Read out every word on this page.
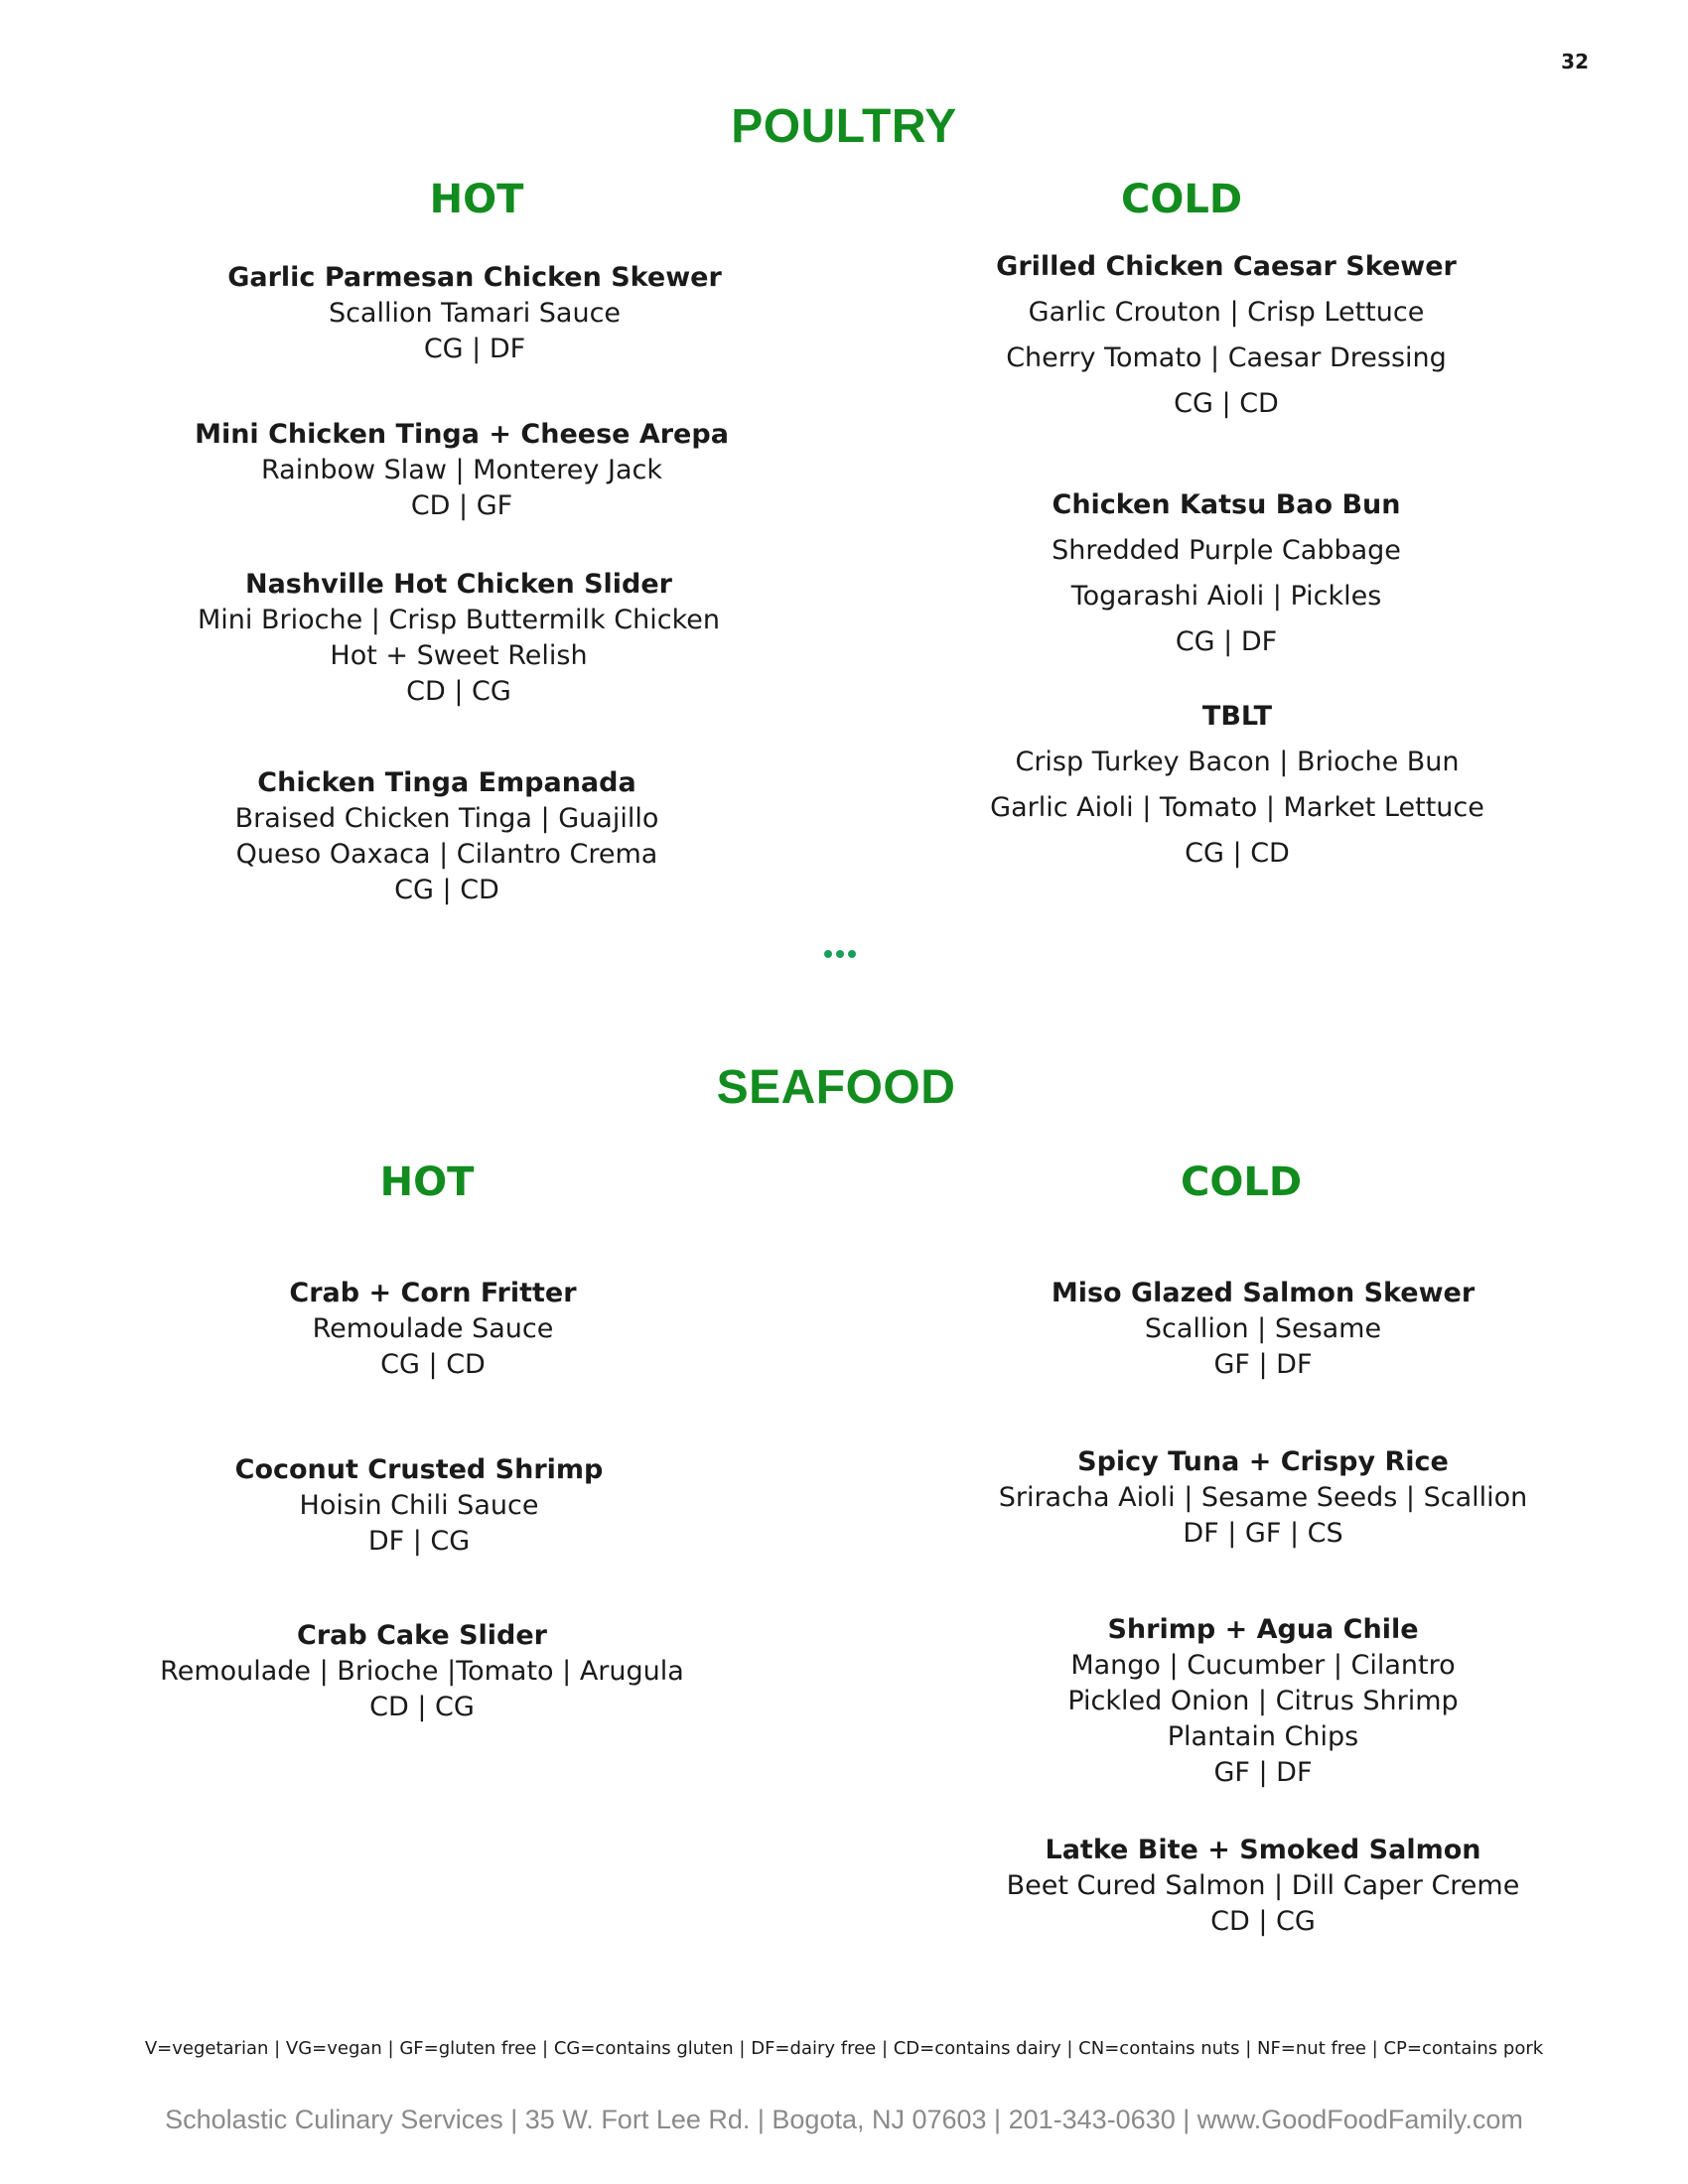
32
POULTRY
HOT	COLD
Garlic Parmesan Chicken Skewer
Scallion Tamari Sauce
CG | DF
Mini Chicken Tinga + Cheese Arepa
Rainbow Slaw | Monterey Jack
CD | GF
Nashville Hot Chicken Slider
Mini Brioche | Crisp Buttermilk Chicken
Hot + Sweet Relish
CD | CG
Chicken Tinga Empanada
Braised Chicken Tinga | Guajillo
Queso Oaxaca | Cilantro Crema
CG | CD
Grilled Chicken Caesar Skewer
Garlic Crouton | Crisp Lettuce
Cherry Tomato | Caesar Dressing
CG | CD
Chicken Katsu Bao Bun
Shredded Purple Cabbage
Togarashi Aioli | Pickles
CG | DF
TBLT
Crisp Turkey Bacon | Brioche Bun
Garlic Aioli | Tomato | Market Lettuce
CG | CD
SEAFOOD
HOT	COLD
Crab + Corn Fritter
Remoulade Sauce
CG | CD
Coconut Crusted Shrimp
Hoisin Chili Sauce
DF | CG
Crab Cake Slider
Remoulade | Brioche |Tomato | Arugula
CD | CG
Miso Glazed Salmon Skewer
Scallion | Sesame
GF | DF
Spicy Tuna + Crispy Rice
Sriracha Aioli | Sesame Seeds | Scallion
DF | GF | CS
Shrimp + Agua Chile
Mango | Cucumber | Cilantro
Pickled Onion | Citrus Shrimp
Plantain Chips
GF | DF
Latke Bite + Smoked Salmon
Beet Cured Salmon | Dill Caper Creme
CD | CG
V=vegetarian | VG=vegan | GF=gluten free | CG=contains gluten | DF=dairy free | CD=contains dairy | CN=contains nuts | NF=nut free | CP=contains pork
Scholastic Culinary Services | 35 W. Fort Lee Rd. | Bogota, NJ 07603 | 201-343-0630 | www.GoodFoodFamily.com
